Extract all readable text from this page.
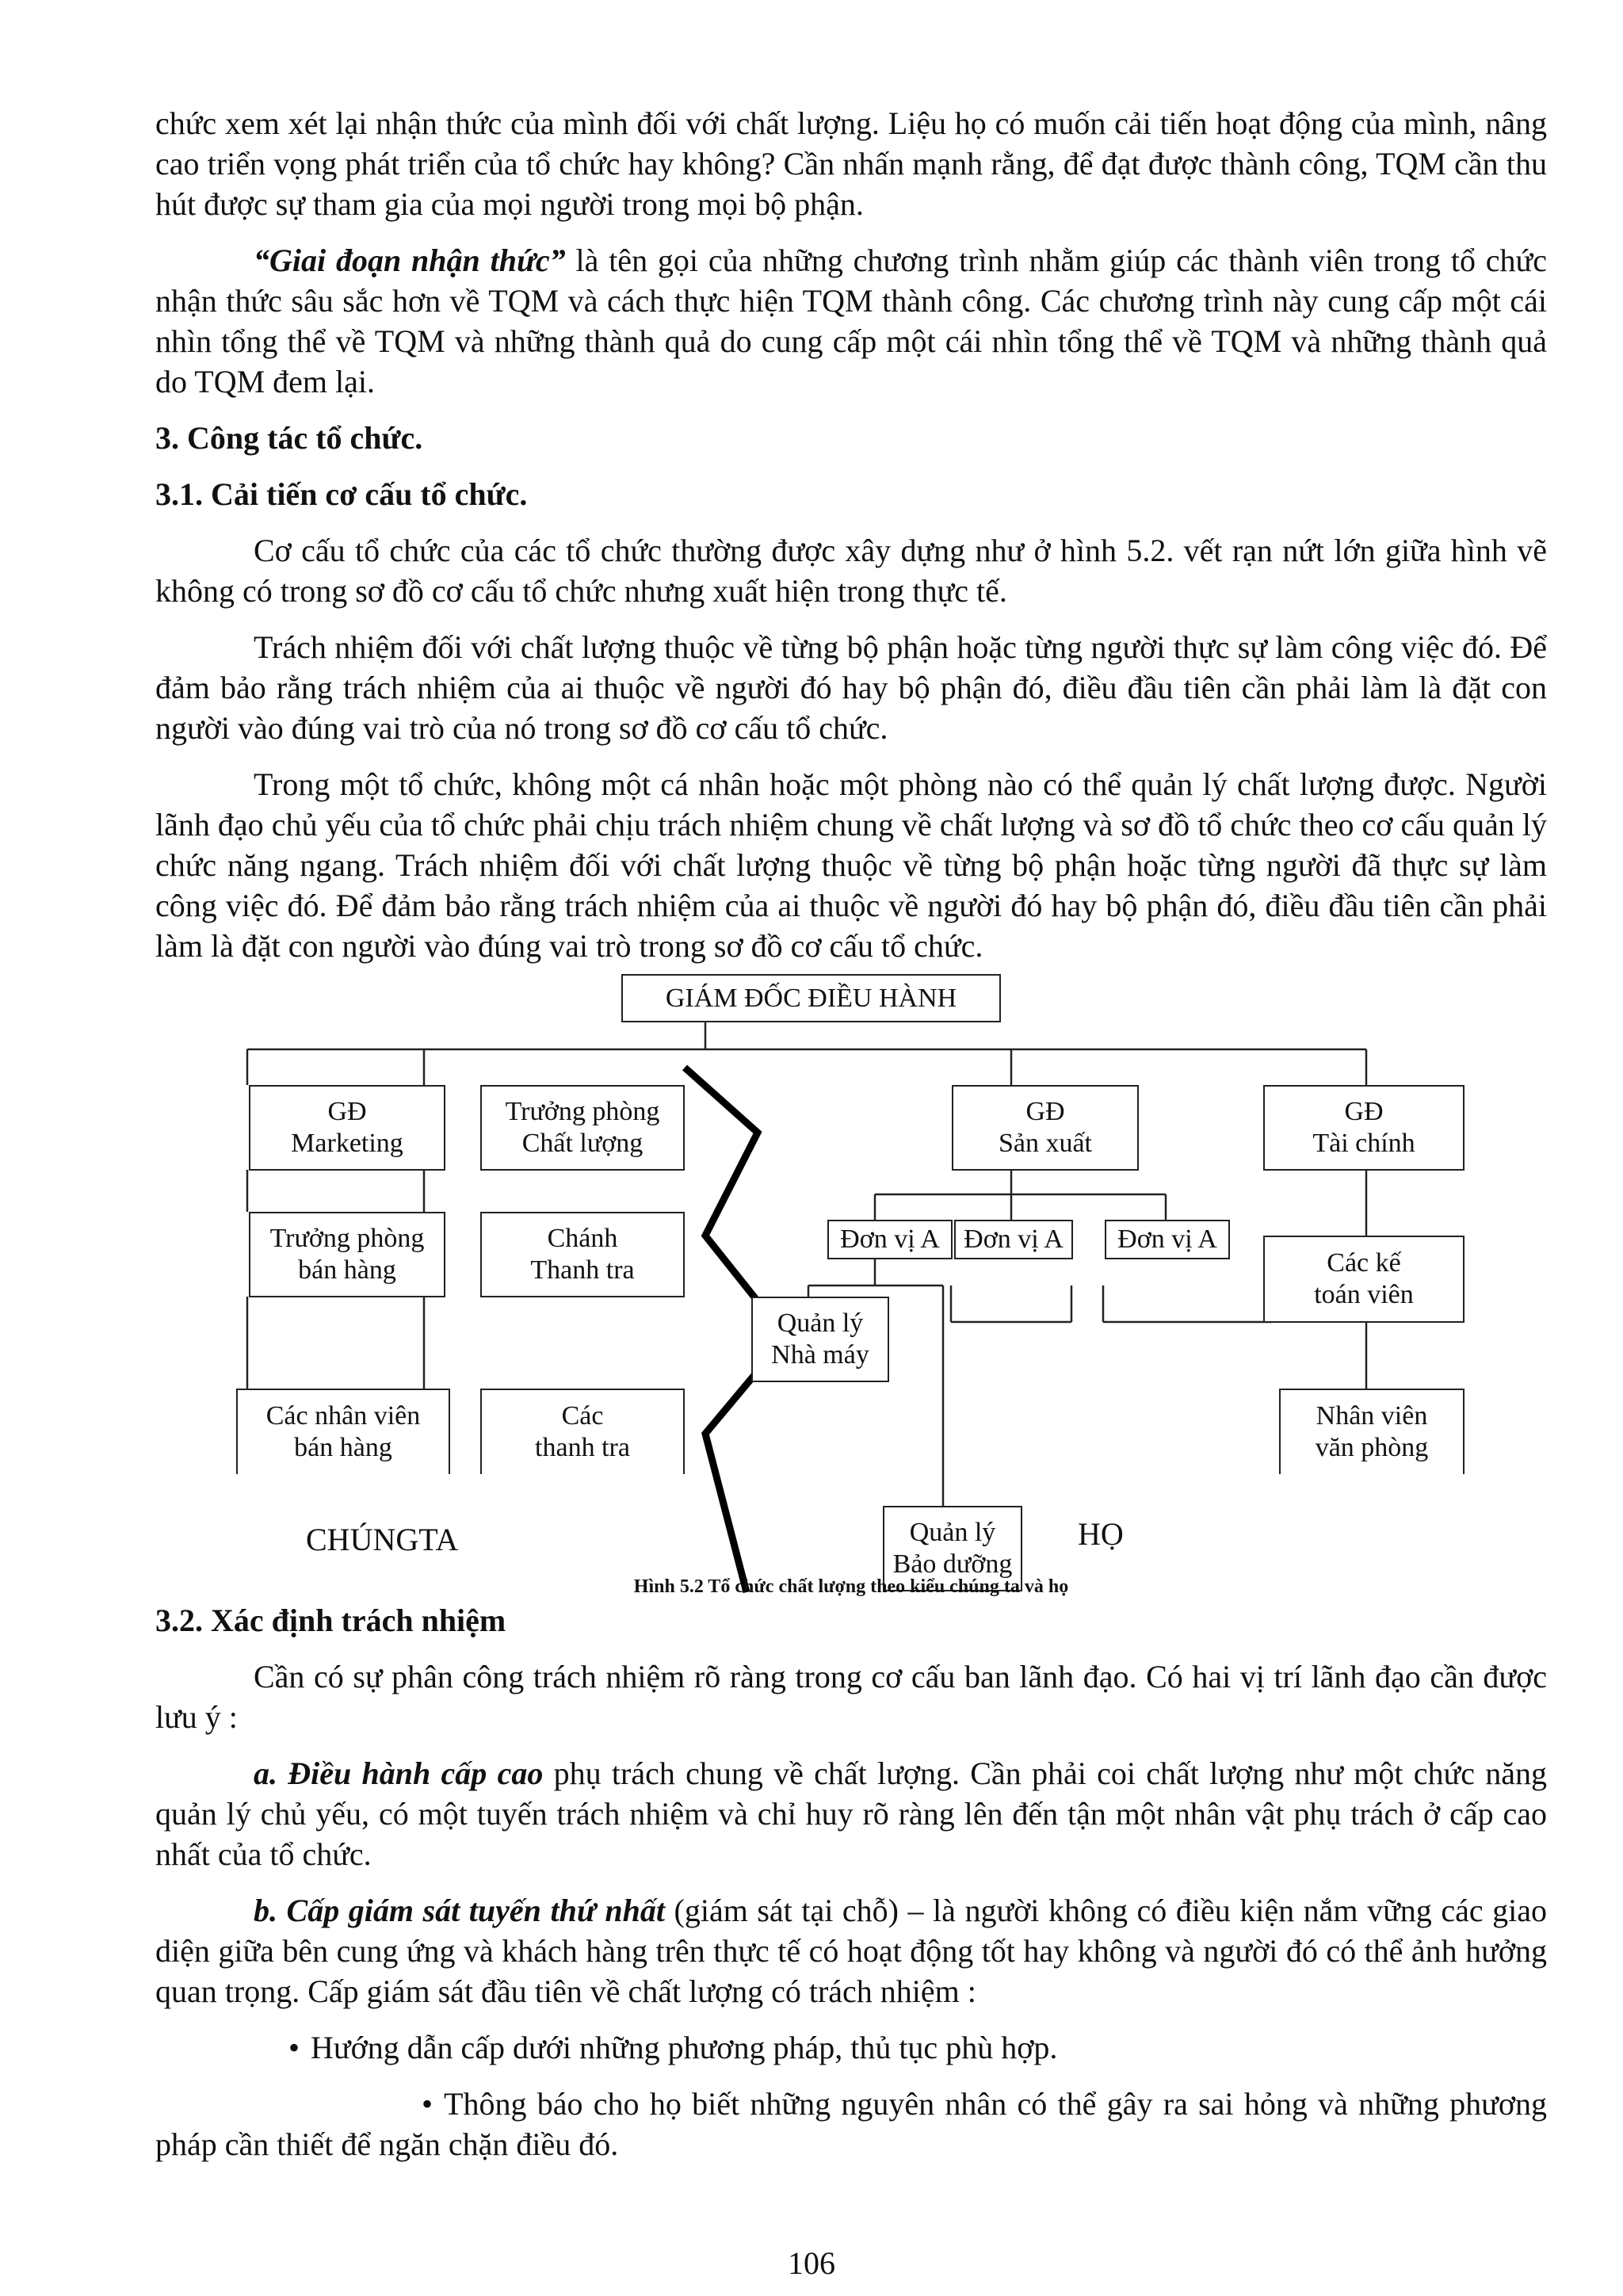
chức xem xét lại nhận thức của mình đối với chất lượng. Liệu họ có muốn cải tiến hoạt động của mình, nâng cao triển vọng phát triển của tổ chức hay không? Cần nhấn mạnh rằng, để đạt được thành công, TQM cần thu hút được sự tham gia của mọi người trong mọi bộ phận.

“Giai đoạn nhận thức” là tên gọi của những chương trình nhằm giúp các thành viên trong tổ chức nhận thức sâu sắc hơn về TQM và cách thực hiện TQM thành công. Các chương trình này cung cấp một cái nhìn tổng thể về TQM và những thành quả do cung cấp một cái nhìn tổng thể về TQM và những thành quả do TQM đem lại.

3. Công tác tổ chức.
3.1. Cải tiến cơ cấu tổ chức.

Cơ cấu tổ chức của các tổ chức thường được xây dựng như ở hình 5.2. vết rạn nứt lớn giữa hình vẽ không có trong sơ đồ cơ cấu tổ chức nhưng xuất hiện trong thực tế.

Trách nhiệm đối với chất lượng thuộc về từng bộ phận hoặc từng người thực sự làm công việc đó. Để đảm bảo rằng trách nhiệm của ai thuộc về người đó hay bộ phận đó, điều đầu tiên cần phải làm là đặt con người vào đúng vai trò của nó trong sơ đồ cơ cấu tổ chức.

Trong một tổ chức, không một cá nhân hoặc một phòng nào có thể quản lý chất lượng được. Người lãnh đạo chủ yếu của tổ chức phải chịu trách nhiệm chung về chất lượng và sơ đồ tổ chức theo cơ cấu quản lý chức năng ngang. Trách nhiệm đối với chất lượng thuộc về từng bộ phận hoặc từng người đã thực sự làm công việc đó. Để đảm bảo rằng trách nhiệm của ai thuộc về người đó hay bộ phận đó, điều đầu tiên cần phải làm là đặt con người vào đúng vai trò trong sơ đồ cơ cấu tổ chức.

GIÁM ĐỐC ĐIỀU HÀNH
GĐ
Marketing
Trưởng phòng
Chất lượng
GĐ
Sản xuất
GĐ
Tài chính
Trưởng phòng
bán hàng
Chánh
Thanh tra
Đơn vị A Đơn vị A	Đơn vị A
Các kế
toán viên
Quản lý
Nhà máy
Các nhân viên
bán hàng
Các
thanh tra
Quản lý
Bảo dưỡng
Nhân viên
văn phòng
CHÚNGTA	HỌ
Hình 5.2 Tổ chức chất lượng theo kiểu chúng ta và họ
3.2. Xác định trách nhiệm

Cần có sự phân công trách nhiệm rõ ràng trong cơ cấu ban lãnh đạo. Có hai vị trí lãnh đạo cần được lưu ý :

a. Điều hành cấp cao phụ trách chung về chất lượng. Cần phải coi chất lượng như một chức năng quản lý chủ yếu, có một tuyến trách nhiệm và chỉ huy rõ ràng lên đến tận một nhân vật phụ trách ở cấp cao nhất của tổ chức.

b. Cấp giám sát tuyến thứ nhất (giám sát tại chỗ) – là người không có điều kiện nắm vững các giao diện giữa bên cung ứng và khách hàng trên thực tế có hoạt động tốt hay không và người đó có thể ảnh hưởng quan trọng. Cấp giám sát đầu tiên về chất lượng có trách nhiệm :

• Hướng dẫn cấp dưới những phương pháp, thủ tục phù hợp.

• Thông báo cho họ biết những nguyên nhân có thể gây ra sai hỏng và những phương pháp cần thiết để ngăn chặn điều đó.

106
